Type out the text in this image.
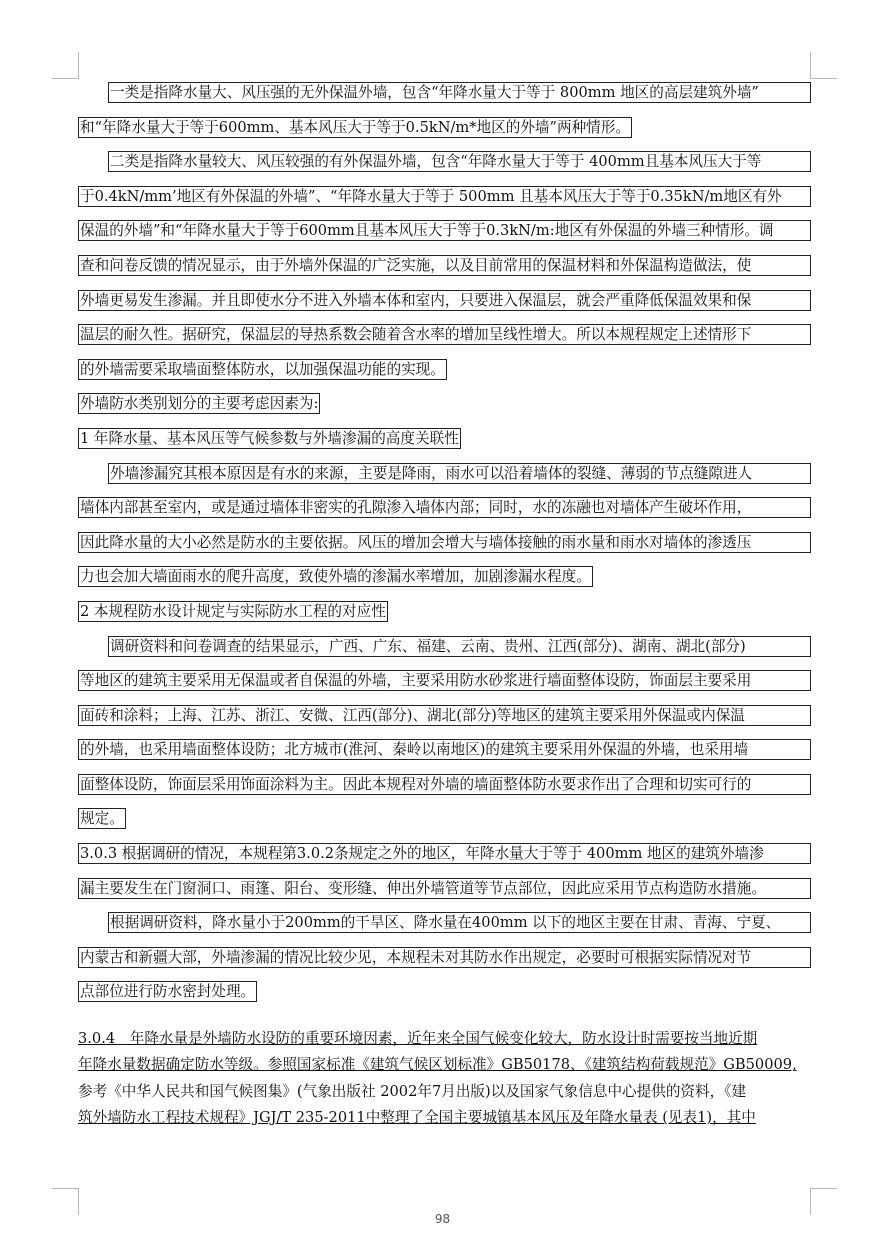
一类是指降水量大、风压强的无外保温外墙，包含“年降水量大于等于 800mm 地区的高层建筑外墙”
和“年降水量大于等于600mm、基本风压大于等于0.5kN/m*地区的外墙”两种情形。
二类是指降水量较大、风压较强的有外保温外墙，包含“年降水量大于等于 400mm且基本风压大于等
于0.4kN/mm’地区有外保温的外墙”、“年降水量大于等于 500mm 且基本风压大于等于0.35kN/m地区有外
保温的外墙”和“年降水量大于等于600mm且基本风压大于等于0.3kN/m:地区有外保温的外墙三种情形。调
查和问卷反馈的情况显示，由于外墙外保温的广泛实施，以及目前常用的保温材料和外保温构造做法，使
外墙更易发生渗漏。并且即使水分不进入外墙本体和室内，只要进入保温层，就会严重降低保温效果和保
温层的耐久性。据研究，保温层的导热系数会随着含水率的增加呈线性增大。所以本规程规定上述情形下
的外墙需要采取墙面整体防水，以加强保温功能的实现。
外墙防水类别划分的主要考虑因素为:
1 年降水量、基本风压等气候参数与外墙渗漏的高度关联性
外墙渗漏究其根本原因是有水的来源，主要是降雨，雨水可以沿着墙体的裂缝、薄弱的节点缝隙进人
墙体内部甚至室内，或是通过墙体非密实的孔隙渗入墙体内部；同时，水的冻融也对墙体产生破坏作用，
因此降水量的大小必然是防水的主要依据。风压的增加会增大与墙体接触的雨水量和雨水对墙体的渗透压
力也会加大墙面雨水的爬升高度，致使外墙的渗漏水率增加，加剧渗漏水程度。
2 本规程防水设计规定与实际防水工程的对应性
调研资料和问卷调查的结果显示，广西、广东、福建、云南、贵州、江西(部分)、湖南、湖北(部分)
等地区的建筑主要采用无保温或者自保温的外墙，主要采用防水砂浆进行墙面整体设防，饰面层主要采用
面砖和涂料；上海、江苏、浙江、安微、江西(部分)、湖北(部分)等地区的建筑主要采用外保温或内保温
的外墙，也采用墙面整体设防；北方城市(淮河、秦岭以南地区)的建筑主要采用外保温的外墙，也采用墙
面整体设防，饰面层采用饰面涂料为主。因此本规程对外墙的墙面整体防水要求作出了合理和切实可行的
规定。
3.0.3 根据调研的情况，本规程第3.0.2条规定之外的地区，年降水量大于等于 400mm 地区的建筑外墙渗
漏主要发生在门窗洞口、雨篷、阳台、变形缝、伸出外墙管道等节点部位，因此应采用节点构造防水措施。
根据调研资料，降水量小于200mm的干旱区、降水量在400mm 以下的地区主要在甘肃、青海、宁夏、
内蒙古和新疆大部，外墙渗漏的情况比较少见，本规程未对其防水作出规定，必要时可根据实际情况对节
点部位进行防水密封处理。
3.0.4　年降水量是外墙防水设防的重要环境因素，近年来全国气候变化较大，防水设计时需要按当地近期
年降水量数据确定防水等级。参照国家标准《建筑气候区划标准》GB50178、《建筑结构荷载规范》GB50009,
参考《中华人民共和国气候图集》(气象出版社 2002年7月出版)以及国家气象信息中心提供的资料，《建
筑外墙防水工程技术规程》JGJ/T 235-2011中整理了全国主要城镇基本风压及年降水量表 (见表1)，其中
98
